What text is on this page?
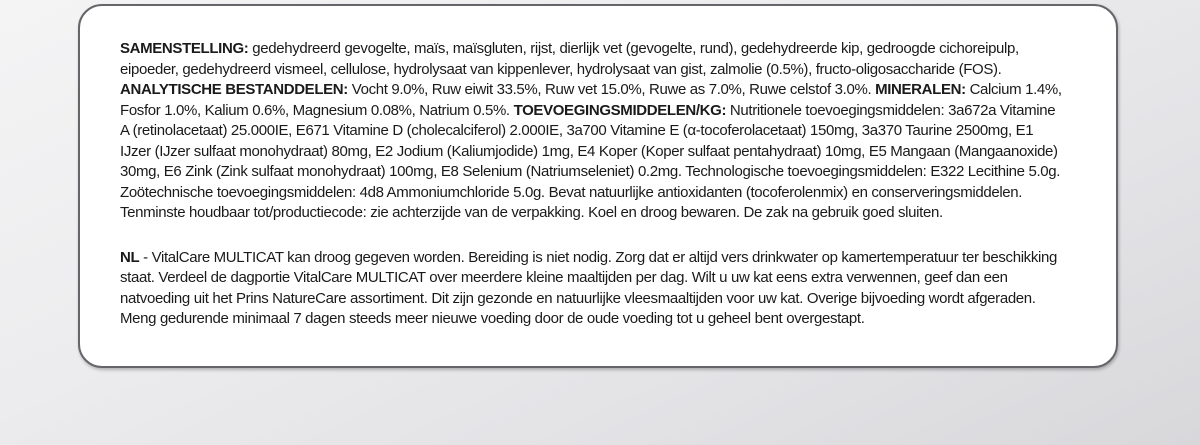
SAMENSTELLING: gedehydreerd gevogelte, maïs, maïsgluten, rijst, dierlijk vet (gevogelte, rund), gedehydreerde kip, gedroogde cichoreipulp, eipoeder, gedehydreerd vismeel, cellulose, hydrolysaat van kippenlever, hydrolysaat van gist, zalmolie (0.5%), fructo-oligosaccharide (FOS). ANALYTISCHE BESTANDDELEN: Vocht 9.0%, Ruw eiwit 33.5%, Ruw vet 15.0%, Ruwe as 7.0%, Ruwe celstof 3.0%. MINERALEN: Calcium 1.4%, Fosfor 1.0%, Kalium 0.6%, Magnesium 0.08%, Natrium 0.5%. TOEVOEGINGSMIDDELEN/KG: Nutritionele toevoegingsmiddelen: 3a672a Vitamine A (retinolacetaat) 25.000IE, E671 Vitamine D (cholecalciferol) 2.000IE, 3a700 Vitamine E (α-tocoferolacetaat) 150mg, 3a370 Taurine 2500mg, E1 IJzer (IJzer sulfaat monohydraat) 80mg, E2 Jodium (Kaliumjodide) 1mg, E4 Koper (Koper sulfaat pentahydraat) 10mg, E5 Mangaan (Mangaanoxide) 30mg, E6 Zink (Zink sulfaat monohydraat) 100mg, E8 Selenium (Natriumseleniet) 0.2mg. Technologische toevoegingsmiddelen: E322 Lecithine 5.0g. Zoötechnische toevoegingsmiddelen: 4d8 Ammoniumchloride 5.0g. Bevat natuurlijke antioxidanten (tocoferolenmix) en conserveringsmiddelen. Tenminste houdbaar tot/productiecode: zie achterzijde van de verpakking. Koel en droog bewaren. De zak na gebruik goed sluiten.

NL - VitalCare MULTICAT kan droog gegeven worden. Bereiding is niet nodig. Zorg dat er altijd vers drinkwater op kamertemperatuur ter beschikking staat. Verdeel de dagportie VitalCare MULTICAT over meerdere kleine maaltijden per dag. Wilt u uw kat eens extra verwennen, geef dan een natvoeding uit het Prins NatureCare assortiment. Dit zijn gezonde en natuurlijke vleesmaaltijden voor uw kat. Overige bijvoeding wordt afgeraden. Meng gedurende minimaal 7 dagen steeds meer nieuwe voeding door de oude voeding tot u geheel bent overgestapt.
